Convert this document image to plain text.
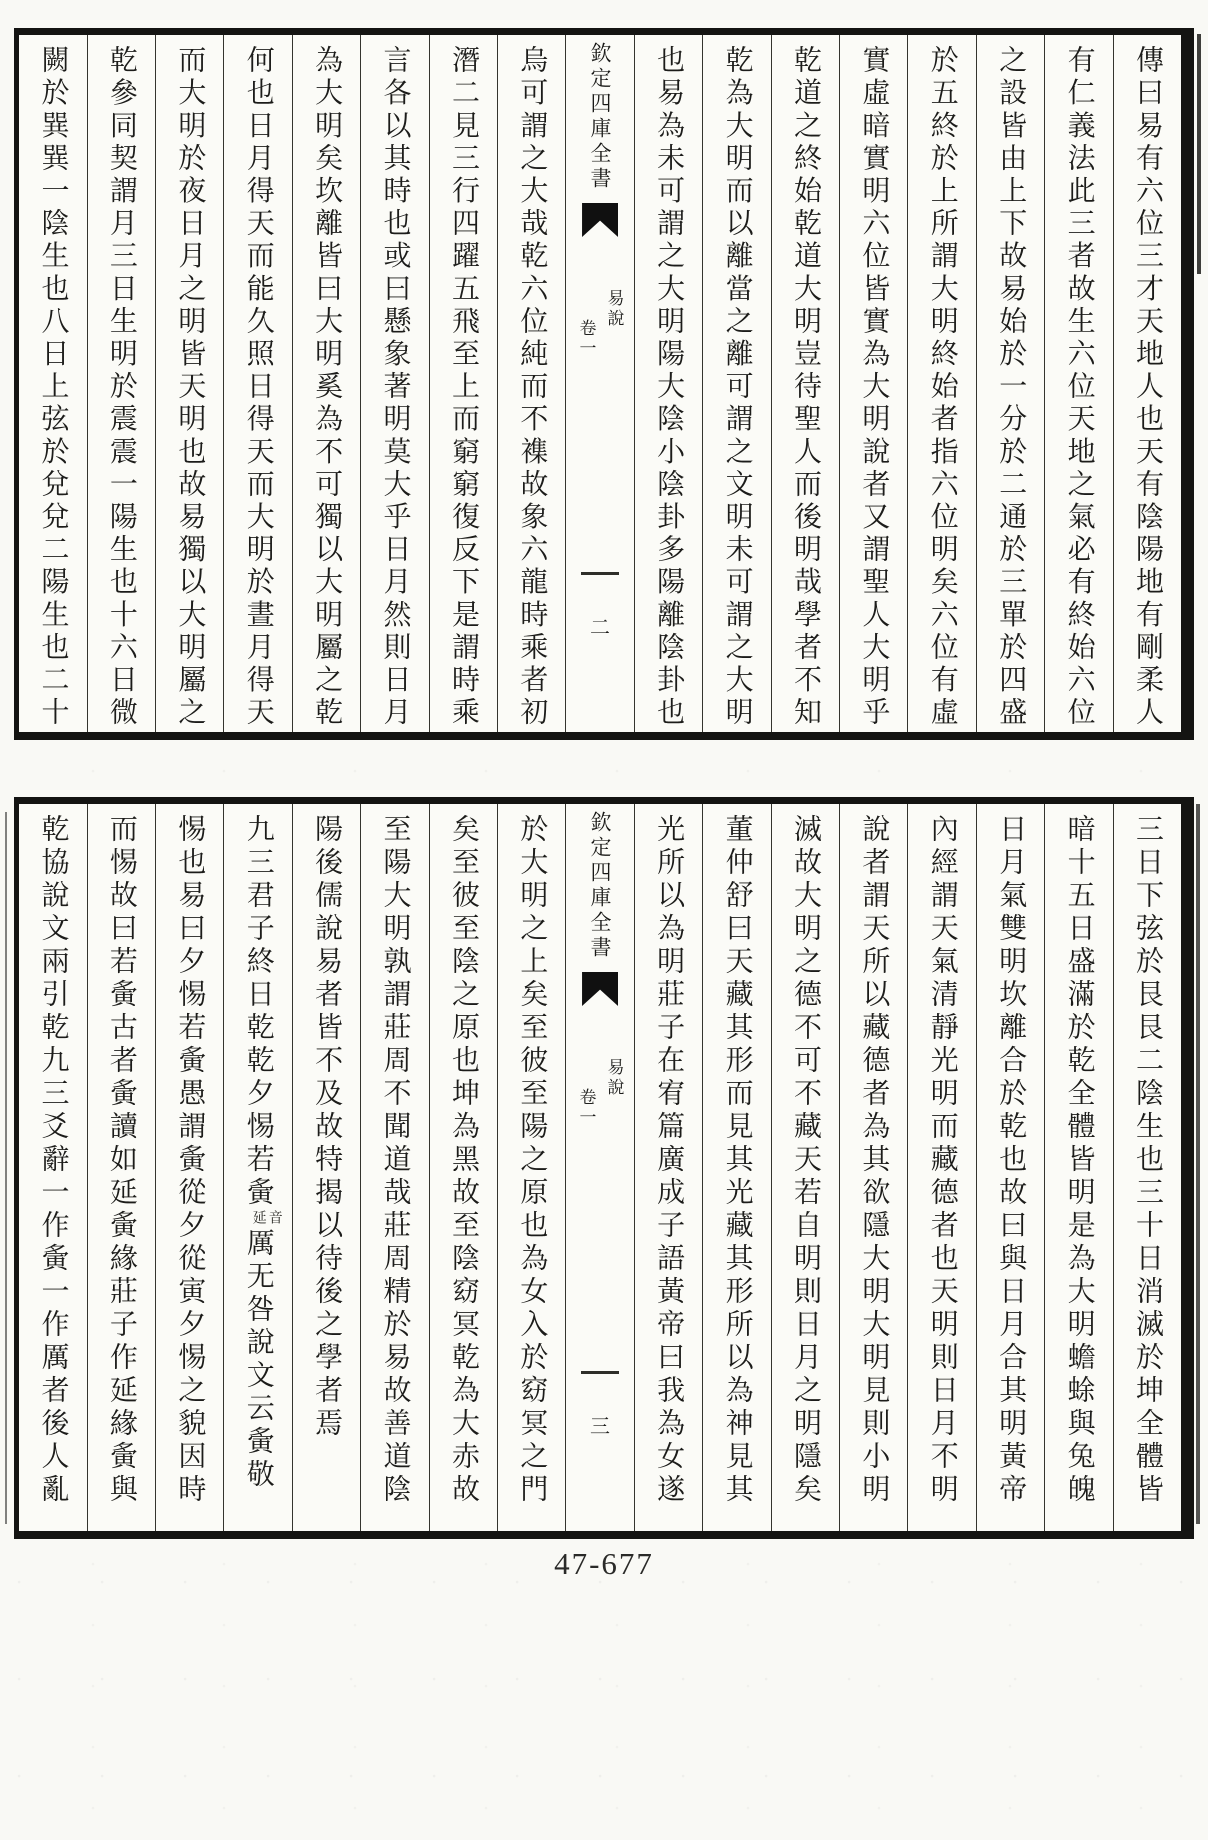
傳曰易有六位三才天地人也天有陰陽地有剛柔人
有仁義法此三者故生六位天地之氣必有終始六位
之設皆由上下故易始於一分於二通於三單於四盛
於五終於上所謂大明終始者指六位明矣六位有虛
實虛暗實明六位皆實為大明說者又謂聖人大明乎
乾道之終始乾道大明豈待聖人而後明哉學者不知
乾為大明而以離當之離可謂之文明未可謂之大明
也易為未可謂之大明陽大陰小陰卦多陽離陰卦也
欽定四庫全書
易說
卷一
二
烏可謂之大哉乾六位純而不襍故象六龍時乘者初
潛二見三行四躍五飛至上而窮窮復反下是謂時乘
言各以其時也或曰懸象著明莫大乎日月然則日月
為大明矣坎離皆曰大明奚為不可獨以大明屬之乾
何也日月得天而能久照日得天而大明於晝月得天
而大明於夜日月之明皆天明也故易獨以大明屬之
乾參同契謂月三日生明於震震一陽生也十六日微
闕於巽巽一陰生也八日上弦於兌兌二陽生也二十
三日下弦於艮艮二陰生也三十日消滅於坤全體皆
暗十五日盛滿於乾全體皆明是為大明蟾蜍與兔魄
日月氣雙明坎離合於乾也故曰與日月合其明黃帝
內經謂天氣清靜光明而藏德者也天明則日月不明
說者謂天所以藏德者為其欲隱大明大明見則小明
滅故大明之德不可不藏天若自明則日月之明隱矣
董仲舒曰天藏其形而見其光藏其形所以為神見其
光所以為明莊子在宥篇廣成子語黃帝曰我為女遂
欽定四庫全書
易說
卷一
三
於大明之上矣至彼至陽之原也為女入於窈冥之門
矣至彼至陰之原也坤為黑故至陰窈冥乾為大赤故
至陽大明孰謂莊周不聞道哉莊周精於易故善道陰
陽後儒說易者皆不及故特揭以待後之學者焉
九三君子終日乾乾夕惕若夤音延厲无咎說文云夤敬
惕也易曰夕惕若夤愚謂夤從夕從寅夕惕之貌因時
而惕故曰若夤古者夤讀如延夤緣莊子作延緣夤與
乾協說文兩引乾九三爻辭一作夤一作厲者後人亂
47-677
